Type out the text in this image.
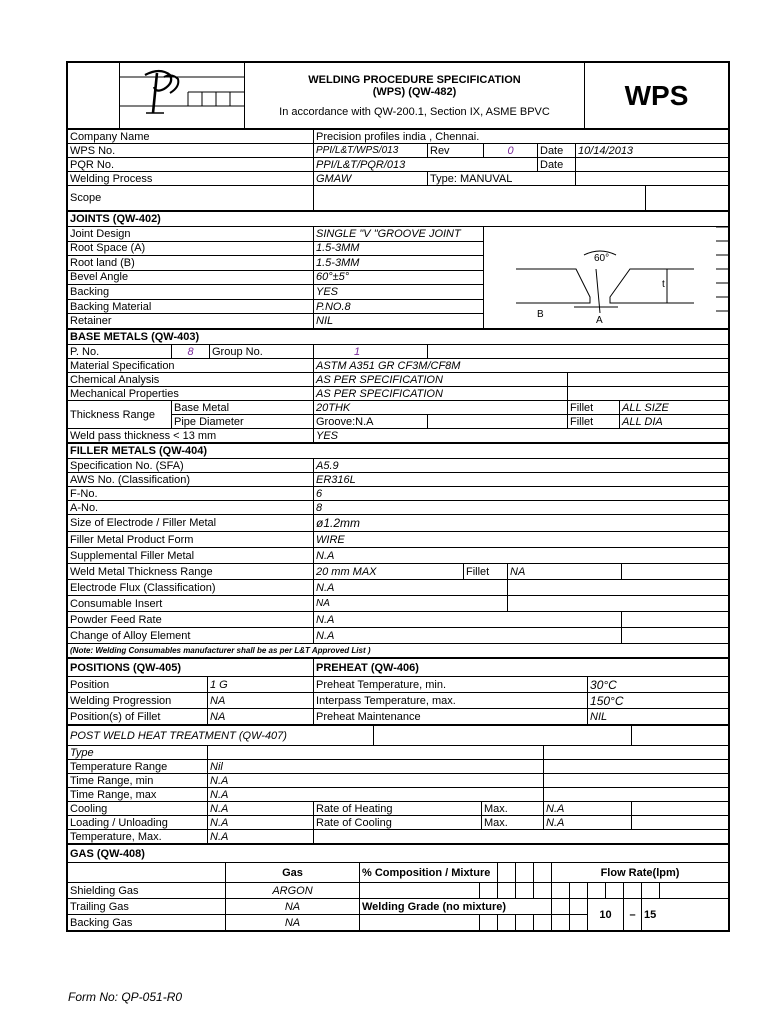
WELDING PROCEDURE SPECIFICATION
(WPS) (QW-482)
In accordance with QW-200.1, Section IX, ASME BPVC
	WPS
Company Name	Precision profiles india , Chennai.					
WPS No.	PPI/L&T/WPS/013	Rev	0	Date	10/14/2013	
PQR No.	PPI/L&T/PQR/013			Date		
Welding Process	GMAW	Type: MANUVAL				
Scope						
JOINTS (QW-402)		
Joint Design	SINGLE "V "GROOVE JOINT	60°
t
B
A

Root Space (A)	1.5-3MM	
Root land (B)	1.5-3MM	
Bevel Angle	60°±5°	
Backing	YES	
Backing Material	P.NO.8	
Retainer	NIL	
BASE METALS (QW-403)						
P. No.	8	Group No.	1			
Material Specification			ASTM A351 GR CF3M/CF8M			
Chemical Analysis			AS PER SPECIFICATION			
Mechanical Properties			AS PER SPECIFICATION			
Thickness Range	Base Metal		20THK		Fillet	ALL SIZE
	Pipe Diameter		Groove:N.A		Fillet	ALL DIA
Weld pass thickness < 13 mm			YES			
FILLER METALS (QW-404)				
Specification No. (SFA)	A5.9			
AWS No. (Classification)	ER316L			
F-No.	6			
A-No.	8			
Size of Electrode / Filler Metal	ø1.2mm			
Filler Metal Product Form	WIRE			
Supplemental Filler Metal	N.A			
Weld Metal Thickness Range	20 mm MAX	Fillet	NA	
Electrode Flux (Classification)	N.A			
Consumable Insert	NA			
Powder Feed Rate	N.A			
Change of Alloy Element	N.A			
(Note: Welding Consumables manufacturer shall be as per L&T Approved List )				
POSITIONS (QW-405)		PREHEAT (QW-406)	
Position	1 G	Preheat Temperature, min.	30°C
Welding Progression	NA	Interpass Temperature, max.	150°C
Position(s) of Fillet	NA	Preheat Maintenance	NIL
POST WELD HEAT TREATMENT (QW-407)						
Type						
Temperature Range	Nil					
Time Range, min	N.A					
Time Range, max	N.A					
Cooling	N.A	Rate of Heating		Max.	N.A	
Loading / Unloading	N.A	Rate of Cooling		Max.	N.A	
Temperature, Max.	N.A					
GAS (QW-408)													
	Gas	% Composition / Mixture					Flow Rate(lpm)						
Shielding Gas	ARGON												
Trailing Gas	NA	Welding Grade (no mixture)							10		–	15	
Backing Gas	NA												
Form No: QP-051-R0
